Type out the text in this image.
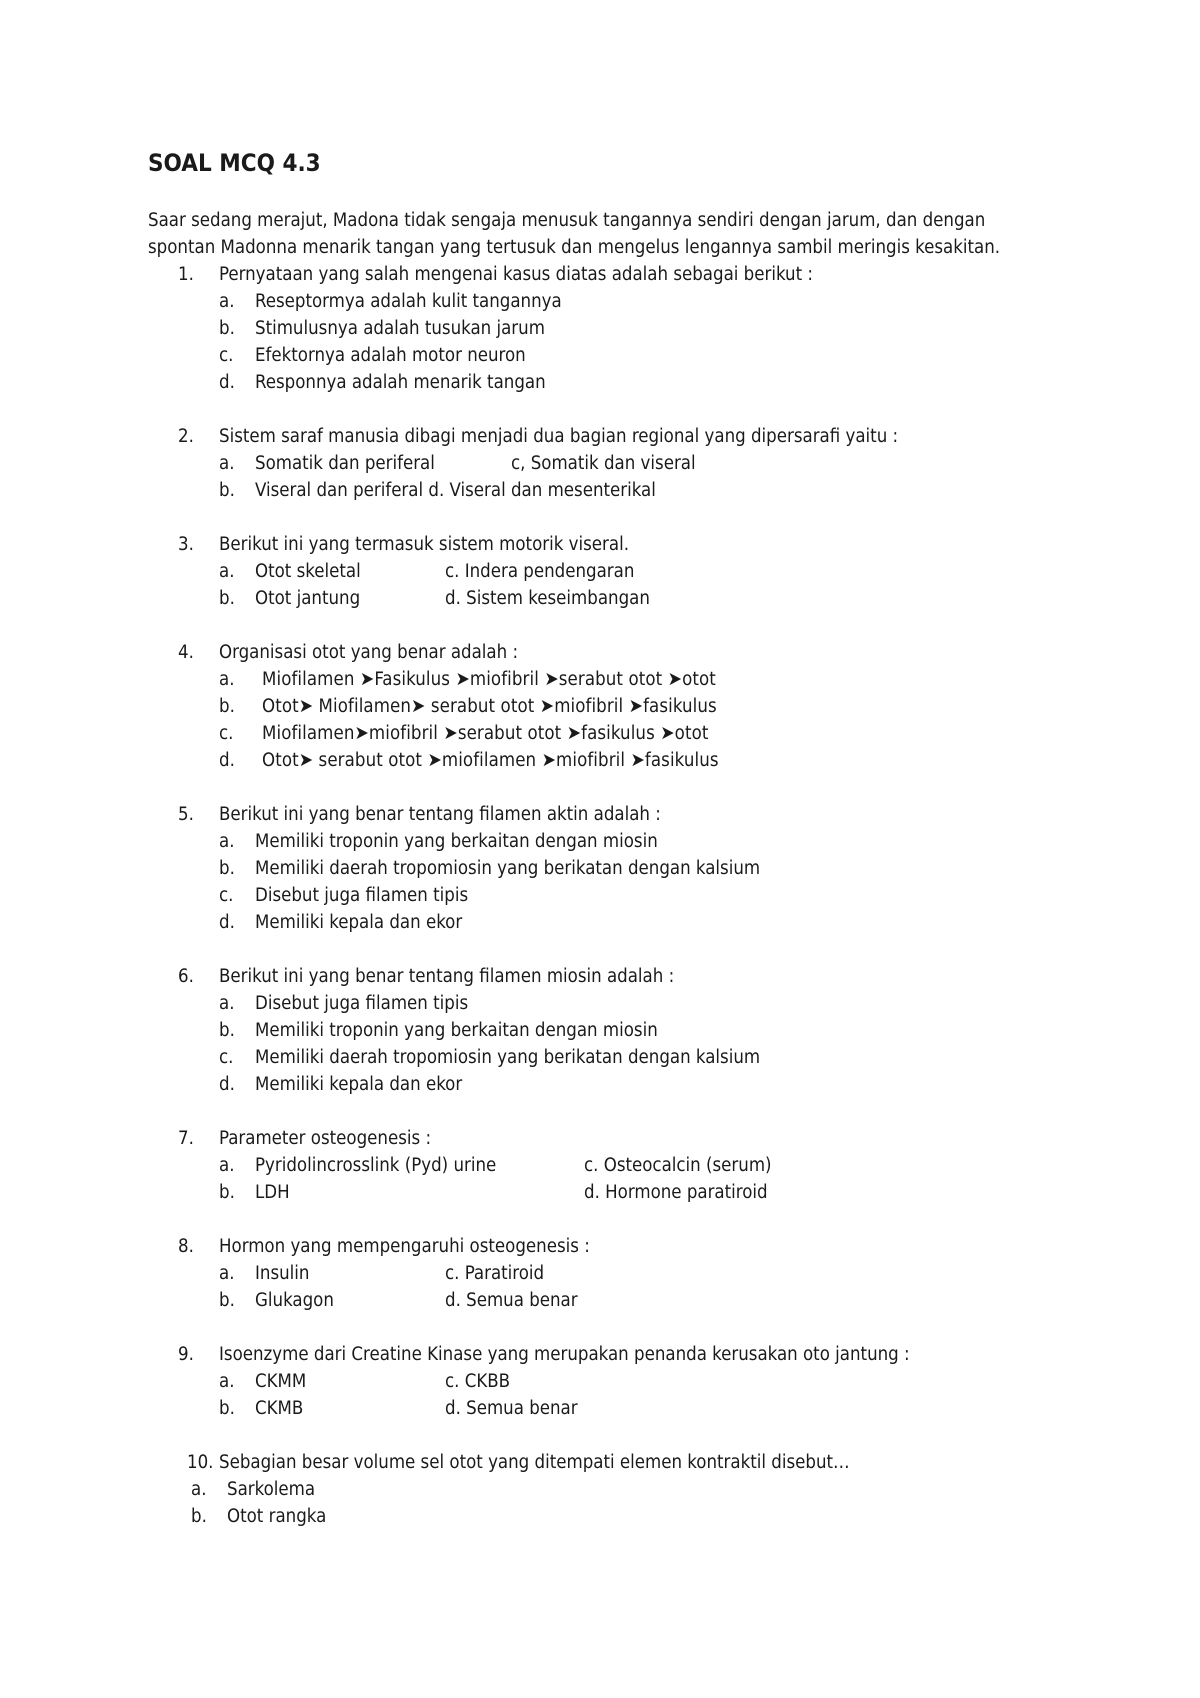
SOAL MCQ 4.3

Saar sedang merajut, Madona tidak sengaja menusuk tangannya sendiri dengan jarum, dan dengan

spontan Madonna menarik tangan yang tertusuk dan mengelus lengannya sambil meringis kesakitan.

1.	Pernyataan yang salah mengenai kasus diatas adalah sebagai berikut :
a. Reseptormya adalah kulit tangannya
b. Stimulusnya adalah tusukan jarum
c. Efektornya adalah motor neuron
d. Responnya adalah menarik tangan
2.	Sistem saraf manusia dibagi menjadi dua bagian regional yang dipersarafi yaitu :
a. Somatik dan periferal	c, Somatik dan viseral
b. Viseral dan periferal d. Viseral dan mesenterikal
3.	Berikut ini yang termasuk sistem motorik viseral.
a. Otot skeletal	c. Indera pendengaran
b. Otot jantung	d. Sistem keseimbangan
4.	Organisasi otot yang benar adalah :
a. Miofilamen ➤Fasikulus ➤miofibril ➤serabut otot ➤otot
b. Otot➤ Miofilamen➤ serabut otot ➤miofibril ➤fasikulus
c. Miofilamen➤miofibril ➤serabut otot ➤fasikulus ➤otot
d. Otot➤ serabut otot ➤miofilamen ➤miofibril ➤fasikulus
5.	Berikut ini yang benar tentang filamen aktin adalah :
a. Memiliki troponin yang berkaitan dengan miosin
b. Memiliki daerah tropomiosin yang berikatan dengan kalsium
c. Disebut juga filamen tipis
d. Memiliki kepala dan ekor
6.	Berikut ini yang benar tentang filamen miosin adalah :
a. Disebut juga filamen tipis
b. Memiliki troponin yang berkaitan dengan miosin
c. Memiliki daerah tropomiosin yang berikatan dengan kalsium
d. Memiliki kepala dan ekor
7.	Parameter osteogenesis :
a. Pyridolincrosslink (Pyd) urine	c. Osteocalcin (serum)
b. LDH	d. Hormone paratiroid
8.	Hormon yang mempengaruhi osteogenesis :
a. Insulin	c. Paratiroid
b. Glukagon	d. Semua benar
9.	Isoenzyme dari Creatine Kinase yang merupakan penanda kerusakan oto jantung :
a. CKMM	c. CKBB
b. CKMB	d. Semua benar
10. Sebagian besar volume sel otot yang ditempati elemen kontraktil disebut…
a. Sarkolema
b. Otot rangka
